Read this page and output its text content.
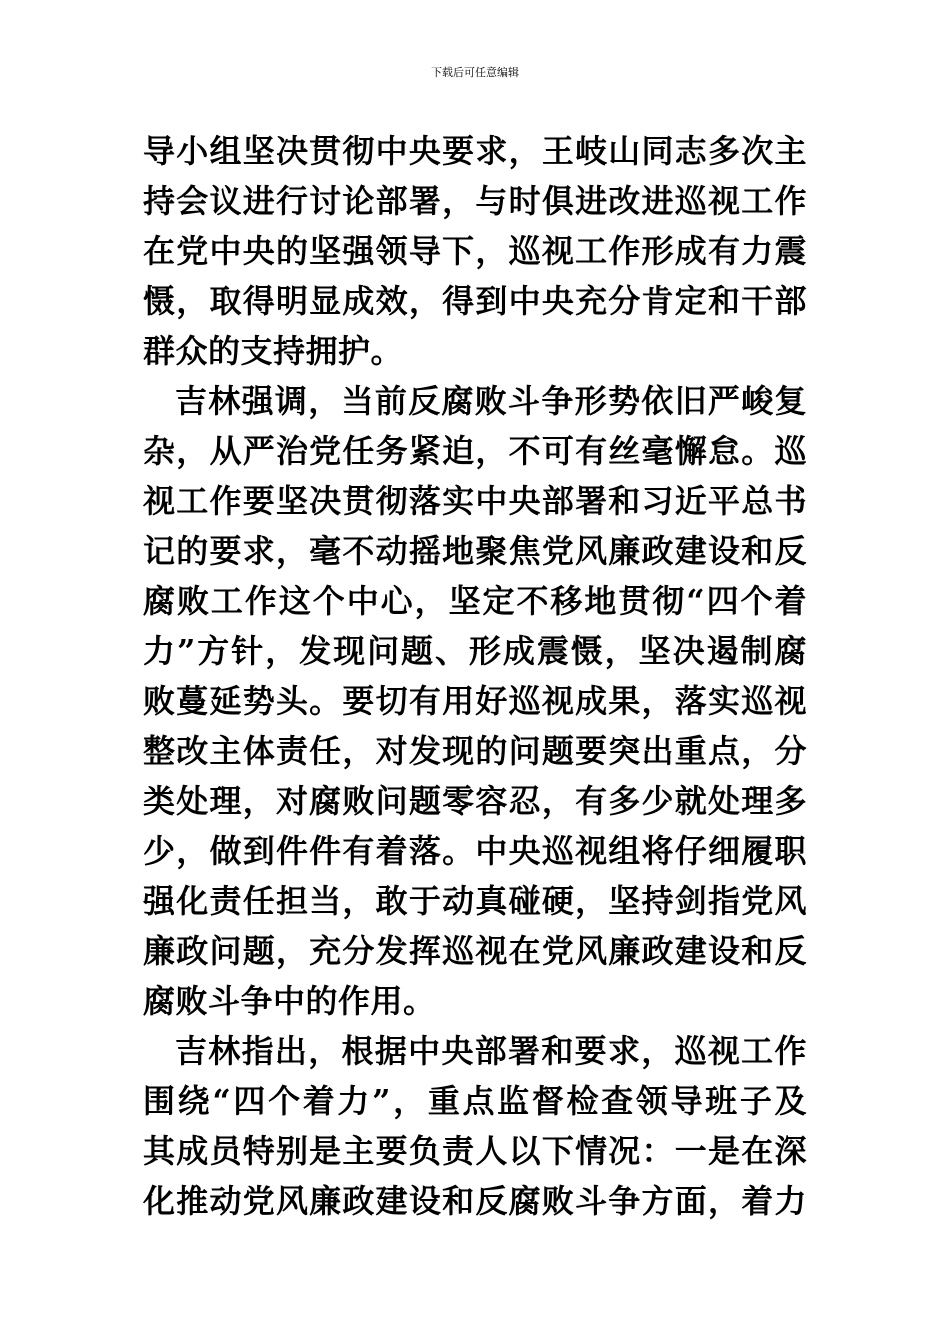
下载后可任意编辑
导小组坚决贯彻中央要求，王岐山同志多次主
持会议进行讨论部署，与时俱进改进巡视工作
在党中央的坚强领导下，巡视工作形成有力震
慑，取得明显成效，得到中央充分肯定和干部
群众的支持拥护。
吉林强调，当前反腐败斗争形势依旧严峻复
杂，从严治党任务紧迫，不可有丝毫懈怠。巡
视工作要坚决贯彻落实中央部署和习近平总书
记的要求，毫不动摇地聚焦党风廉政建设和反
腐败工作这个中心，坚定不移地贯彻“四个着
力”方针，发现问题、形成震慑，坚决遏制腐
败蔓延势头。要切有用好巡视成果，落实巡视
整改主体责任，对发现的问题要突出重点，分
类处理，对腐败问题零容忍，有多少就处理多
少，做到件件有着落。中央巡视组将仔细履职
强化责任担当，敢于动真碰硬，坚持剑指党风
廉政问题，充分发挥巡视在党风廉政建设和反
腐败斗争中的作用。
吉林指出，根据中央部署和要求，巡视工作
围绕“四个着力”，重点监督检查领导班子及
其成员特别是主要负责人以下情况：一是在深
化推动党风廉政建设和反腐败斗争方面，着力
